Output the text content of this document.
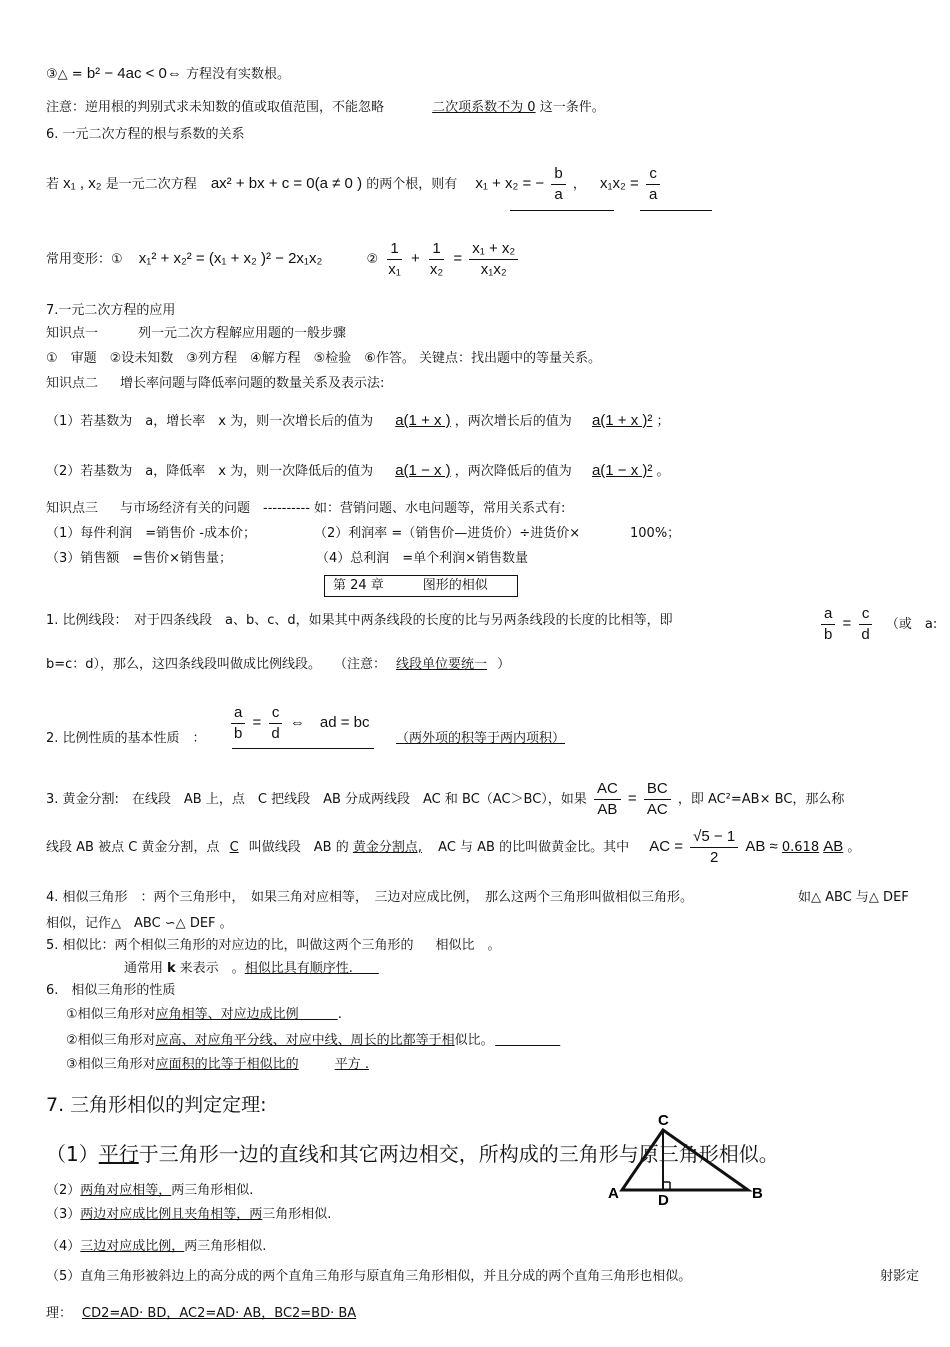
③△ = b² − 4ac < 0⇔ 方程没有实数根。
注意：逆用根的判别式求未知数的值或取值范围，不能忽略	二次项系数不为 0 这一条件。
6. 一元二次方程的根与系数的关系
若 x₁ , x₂ 是一元二次方程 ax² + bx + c = 0(a ≠ 0 ) 的两个根，则有 x₁ + x₂ = − $\frac{b}{a}$ ， $x_1x_2 = \frac{c}{a}$
常用变形：① x₁² + x₂² = (x₁ + x₂ )² − 2x₁x₂	② $\frac{1}{\text{x₁}} + \frac{1}{\text{x₂}} = \frac{\text{x₁ + x₂}}{\text{x₁x₂}}$
7.一元二次方程的应用
知识点一	列一元二次方程解应用题的一般步骤
①　审题　②设未知数　③列方程　④解方程　⑤检验　⑥作答。 关键点：找出题中的等量关系。
知识点二 增长率问题与降低率问题的数量关系及表示法:
（1）若基数为　a，增长率　x 为，则一次增长后的值为 a(1 + x ) ，两次增长后的值为 a(1 + x )² ；
（2）若基数为　a，降低率　x 为，则一次降低后的值为 a(1 − x ) ，两次降低后的值为 a(1 − x )² 。
知识点三 与市场经济有关的问题　---------- 如：营销问题、水电问题等，常用关系式有:
（1）每件利润　=销售价 -成本价；	（2）利润率 =（销售价—进货价）÷进货价×	100%；
（3）销售额　=售价×销售量；	（4）总利润　=单个利润×销售数量
第 24 章　　　图形的相似
1. 比例线段：　对于四条线段　a、b、c、d，如果其中两条线段的长度的比与另两条线段的长度的比相等，即	$\frac{a}{b} = \frac{c}{d}$ （或　a:
b=c：d），那么，这四条线段叫做成比例线段。　　（注意： 线段单位要统一 ）
2. 比例性质的基本性质　： $\frac{a}{b} = \frac{c}{d}$ ⇔　ad = bc
（两外项的积等于两内项积）
3. 黄金分割:　在线段　AB 上，点　C 把线段　AB 分成两线段　AC 和 BC（AC＞BC），如果 $\frac{AC}{AB} = \frac{BC}{AC}$ ，即 AC²=AB× BC，那么称
线段 AB 被点 C 黄金分割，点 C 叫做线段　AB 的 黄金分割点, AC 与 AB 的比叫做黄金比。其中 AC = $\frac{√5 - 1}{2}$ AB ≈ 0.618 AB 。
4. 相似三角形　：两个三角形中，　如果三角对应相等，　三边对应成比例，　那么这两个三角形叫做相似三角形。	如△ ABC 与△ DEF
相似，记作△　ABC ∽△ DEF 。
5. 相似比：两个相似三角形的对应边的比，叫做这两个三角形的 相似比　。
通常用 k 来表示　。相似比具有顺序性.　　
6.　相似三角形的性质
①相似三角形对应角相等、对应边成比例　　　	.
②相似三角形对应高、对应角平分线、对应中线、周长的比都等于相似比。　　　　　
③相似三角形对应面积的比等于相似比的	平方 .
7. 三角形相似的判定定理:
（1）平行于三角形一边的直线和其它两边相交，所构成的三角形与原三角形相似。
（2）两角对应相等，两三角形相似.
（3）两边对应成比例且夹角相等，两三角形相似.
（4）三边对应成比例，两三角形相似.
（5）直角三角形被斜边上的高分成的两个直角三角形与原直角三角形相似，并且分成的两个直角三角形也相似。	射影定
理： CD2=AD· BD，AC2=AD· AB，BC2=BD· BA
C
A	D	B
